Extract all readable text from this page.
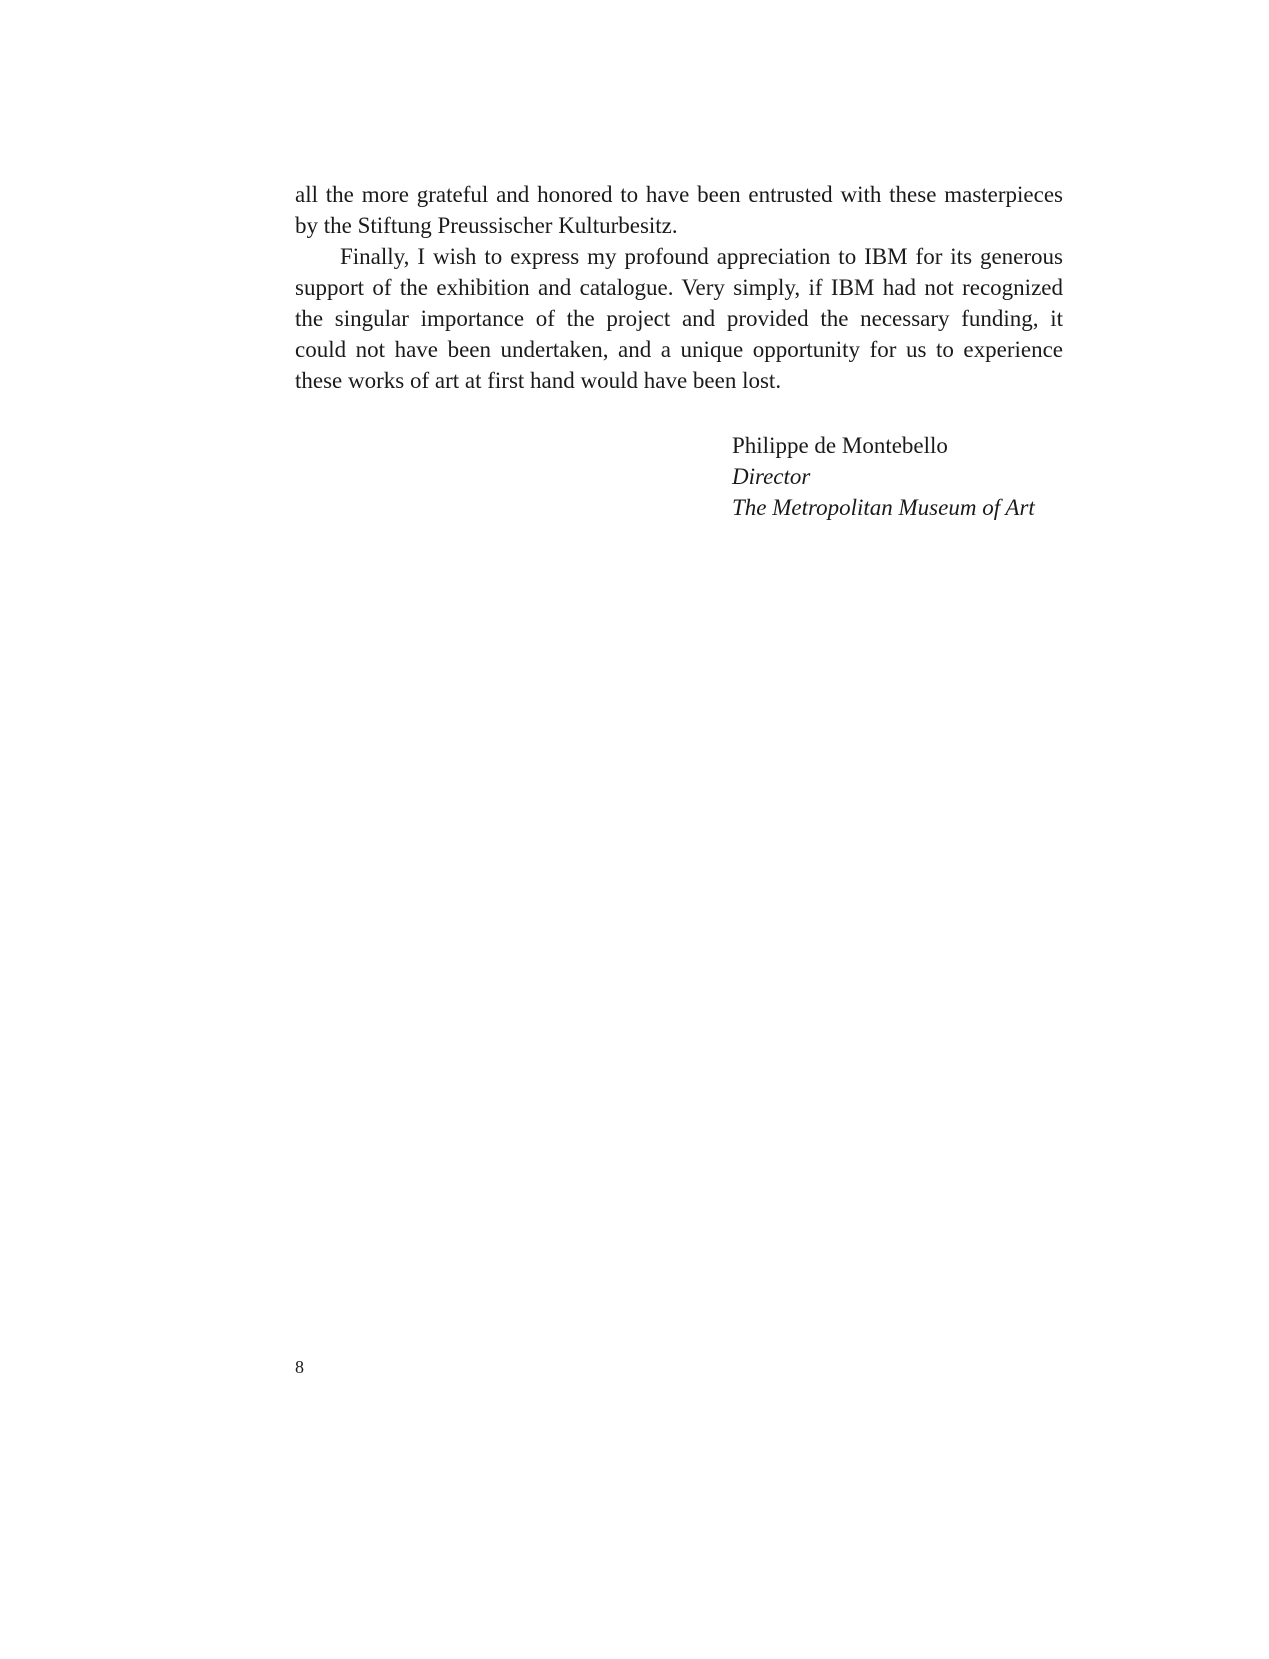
all the more grateful and honored to have been entrusted with these masterpieces
by the Stiftung Preussischer Kulturbesitz.
Finally, I wish to express my profound appreciation to IBM for its generous
support of the exhibition and catalogue. Very simply, if IBM had not recognized
the singular importance of the project and provided the necessary funding, it
could not have been undertaken, and a unique opportunity for us to experience
these works of art at first hand would have been lost.
Philippe de Montebello
Director
The Metropolitan Museum of Art
8
